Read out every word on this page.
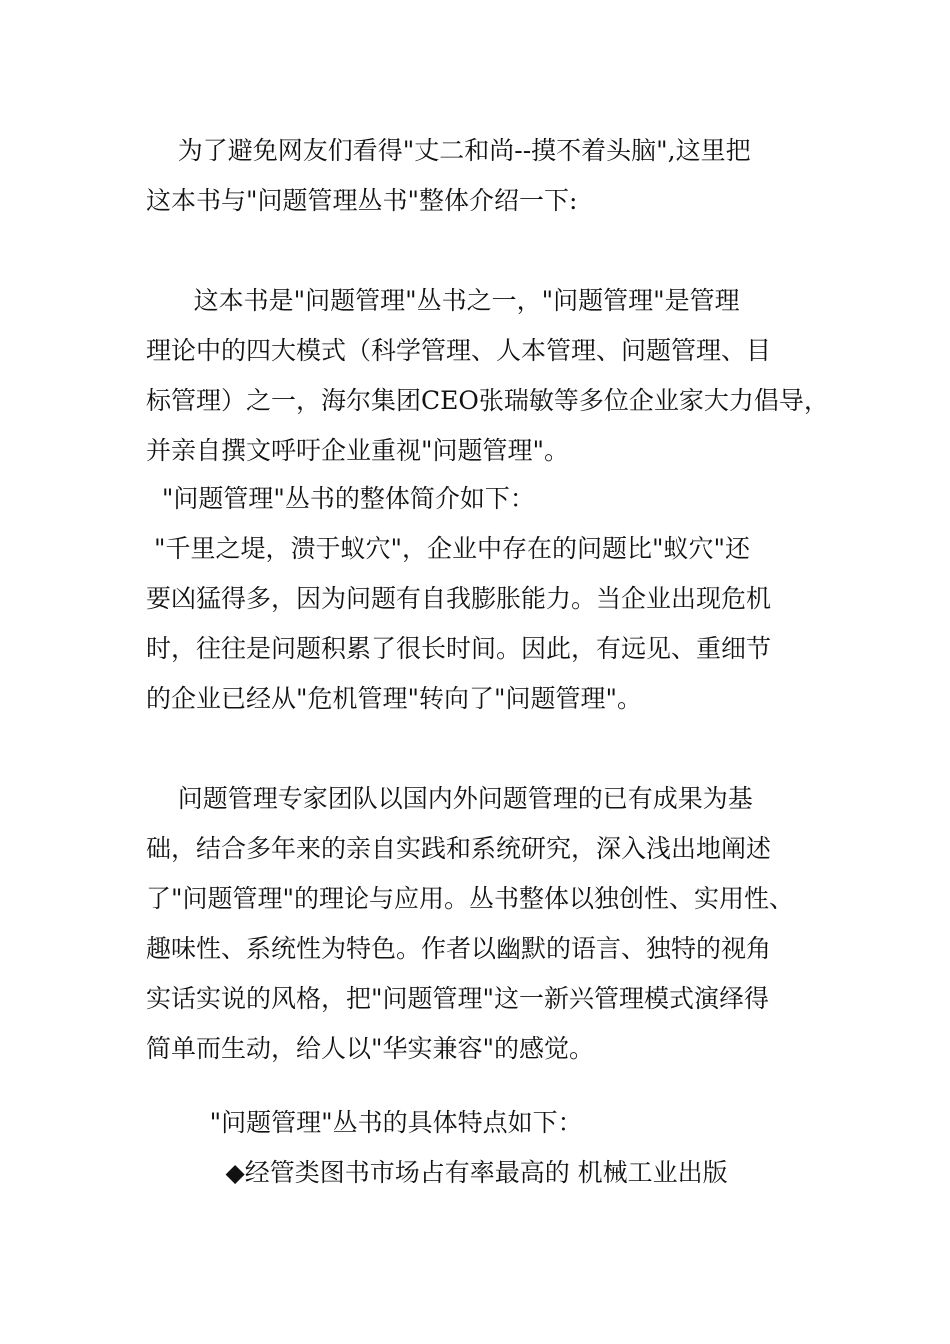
为了避免网友们看得"丈二和尚--摸不着头脑",这里把

这本书与"问题管理丛书"整体介绍一下:

这本书是"问题管理"丛书之一，"问题管理"是管理

理论中的四大模式（科学管理、人本管理、问题管理、目

标管理）之一，海尔集团CEO张瑞敏等多位企业家大力倡导，

并亲自撰文呼吁企业重视"问题管理"。

"问题管理"丛书的整体简介如下：

"千里之堤，溃于蚁穴"，企业中存在的问题比"蚁穴"还

要凶猛得多，因为问题有自我膨胀能力。当企业出现危机

时，往往是问题积累了很长时间。因此，有远见、重细节

的企业已经从"危机管理"转向了"问题管理"。

问题管理专家团队以国内外问题管理的已有成果为基

础，结合多年来的亲自实践和系统研究，深入浅出地阐述

了"问题管理"的理论与应用。丛书整体以独创性、实用性、

趣味性、系统性为特色。作者以幽默的语言、独特的视角

实话实说的风格，把"问题管理"这一新兴管理模式演绎得

简单而生动，给人以"华实兼容"的感觉。

"问题管理"丛书的具体特点如下：

◆经管类图书市场占有率最高的 机械工业出版
